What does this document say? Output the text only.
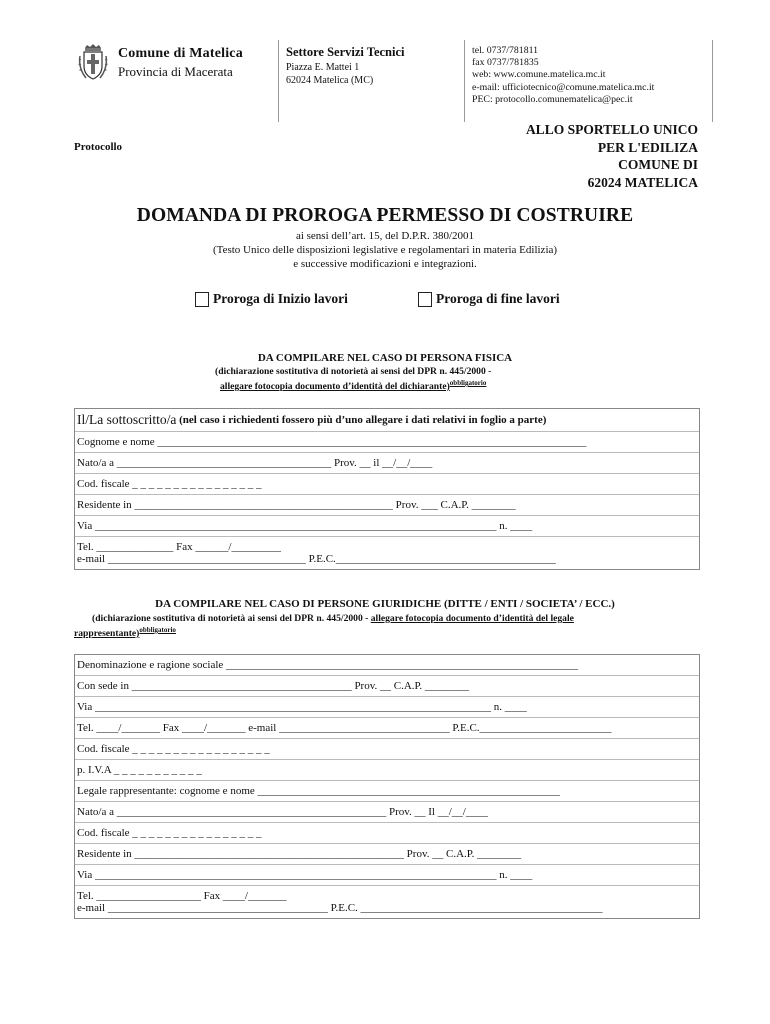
Comune di Matelica
Provincia di Macerata
Settore Servizi Tecnici
Piazza E. Mattei 1
62024 Matelica (MC)
tel. 0737/781811
fax 0737/781835
web: www.comune.matelica.mc.it
e-mail: ufficiotecnico@comune.matelica.mc.it
PEC: protocollo.comunematelica@pec.it
Protocollo
ALLO SPORTELLO UNICO
PER L'EDILIZA
COMUNE DI
62024 MATELICA
DOMANDA DI PROROGA PERMESSO DI COSTRUIRE
ai sensi dell’art. 15, del D.P.R. 380/2001
(Testo Unico delle disposizioni legislative e regolamentari in materia Edilizia)
e successive modificazioni e integrazioni.
Proroga di Inizio lavori	Proroga di fine lavori
DA COMPILARE NEL CASO DI PERSONA FISICA
(dichiarazione sostitutiva di notorietà ai sensi del DPR n. 445/2000 -
allegare fotocopia documento d’identità del dichiarante)$^{obbligatorio}$
Il/La sottoscritto/a (nel caso i richiedenti fossero più d’uno allegare i dati relativi in foglio a parte)
Cognome e nome ______________________________________________________________________________
Nato/a a _______________________________________ Prov. __ il __/__/____
Cod. fiscale _ _ _ _ _ _ _ _ _ _ _ _ _ _ _ _
Residente in _______________________________________________ Prov. ___ C.A.P. ________
Via _________________________________________________________________________ n. ____
Tel. ______________ Fax ______/_________
e-mail ____________________________________ P.E.C.________________________________________
DA COMPILARE NEL CASO DI PERSONE GIURIDICHE (DITTE / ENTI / SOCIETA’ / ECC.)
(dichiarazione sostitutiva di notorietà ai sensi del DPR n. 445/2000 - allegare fotocopia documento d’identità del legale
rappresentante)$^{obbligatorio}$
Denominazione e ragione sociale ________________________________________________________________
Con sede in ________________________________________ Prov. __ C.A.P. ________
Via ________________________________________________________________________ n. ____
Tel. ____/_______ Fax ____/_______ e-mail _______________________________ P.E.C.________________________
Cod. fiscale _ _ _ _ _ _ _ _ _ _ _ _ _ _ _ _ _
p. I.V.A _ _ _ _ _ _ _ _ _ _ _
Legale rappresentante: cognome e nome _______________________________________________________
Nato/a a _________________________________________________ Prov. __ Il __/__/____
Cod. fiscale _ _ _ _ _ _ _ _ _ _ _ _ _ _ _ _
Residente in _________________________________________________ Prov. __ C.A.P. ________
Via _________________________________________________________________________ n. ____
Tel. ___________________ Fax ____/_______
e-mail ________________________________________ P.E.C. ____________________________________________
